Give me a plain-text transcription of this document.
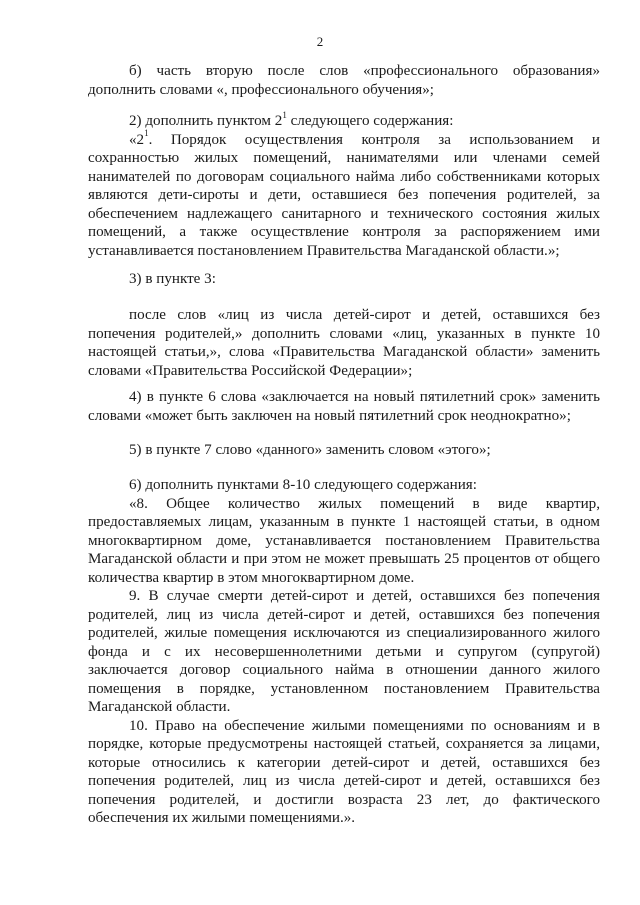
2

б) часть вторую после слов «профессионального образования» дополнить словами «, профессионального обучения»;

2) дополнить пунктом $2^1$ следующего содержания:

«$2^1$. Порядок осуществления контроля за использованием и сохранностью жилых помещений, нанимателями или членами семей нанимателей по договорам социального найма либо собственниками которых являются дети-сироты и дети, оставшиеся без попечения родителей, за обеспечением надлежащего санитарного и технического состояния жилых помещений, а также осуществление контроля за распоряжением ими устанавливается постановлением Правительства Магаданской области.»;

3) в пункте 3:

после слов «лиц из числа детей-сирот и детей, оставшихся без попечения родителей,» дополнить словами «лиц, указанных в пункте 10 настоящей статьи,», слова «Правительства Магаданской области» заменить словами «Правительства Российской Федерации»;

4) в пункте 6 слова «заключается на новый пятилетний срок» заменить словами «может быть заключен на новый пятилетний срок неоднократно»;

5) в пункте 7 слово «данного» заменить словом «этого»;

6) дополнить пунктами 8-10 следующего содержания:

«8. Общее количество жилых помещений в виде квартир, предоставляемых лицам, указанным в пункте 1 настоящей статьи, в одном многоквартирном доме, устанавливается постановлением Правительства Магаданской области и при этом не может превышать 25 процентов от общего количества квартир в этом многоквартирном доме.

9. В случае смерти детей-сирот и детей, оставшихся без попечения родителей, лиц из числа детей-сирот и детей, оставшихся без попечения родителей, жилые помещения исключаются из специализированного жилого фонда и с их несовершеннолетними детьми и супругом (супругой) заключается договор социального найма в отношении данного жилого помещения в порядке, установленном постановлением Правительства Магаданской области.

10. Право на обеспечение жилыми помещениями по основаниям и в порядке, которые предусмотрены настоящей статьей, сохраняется за лицами, которые относились к категории детей-сирот и детей, оставшихся без попечения родителей, лиц из числа детей-сирот и детей, оставшихся без попечения родителей, и достигли возраста 23 лет, до фактического обеспечения их жилыми помещениями.».
